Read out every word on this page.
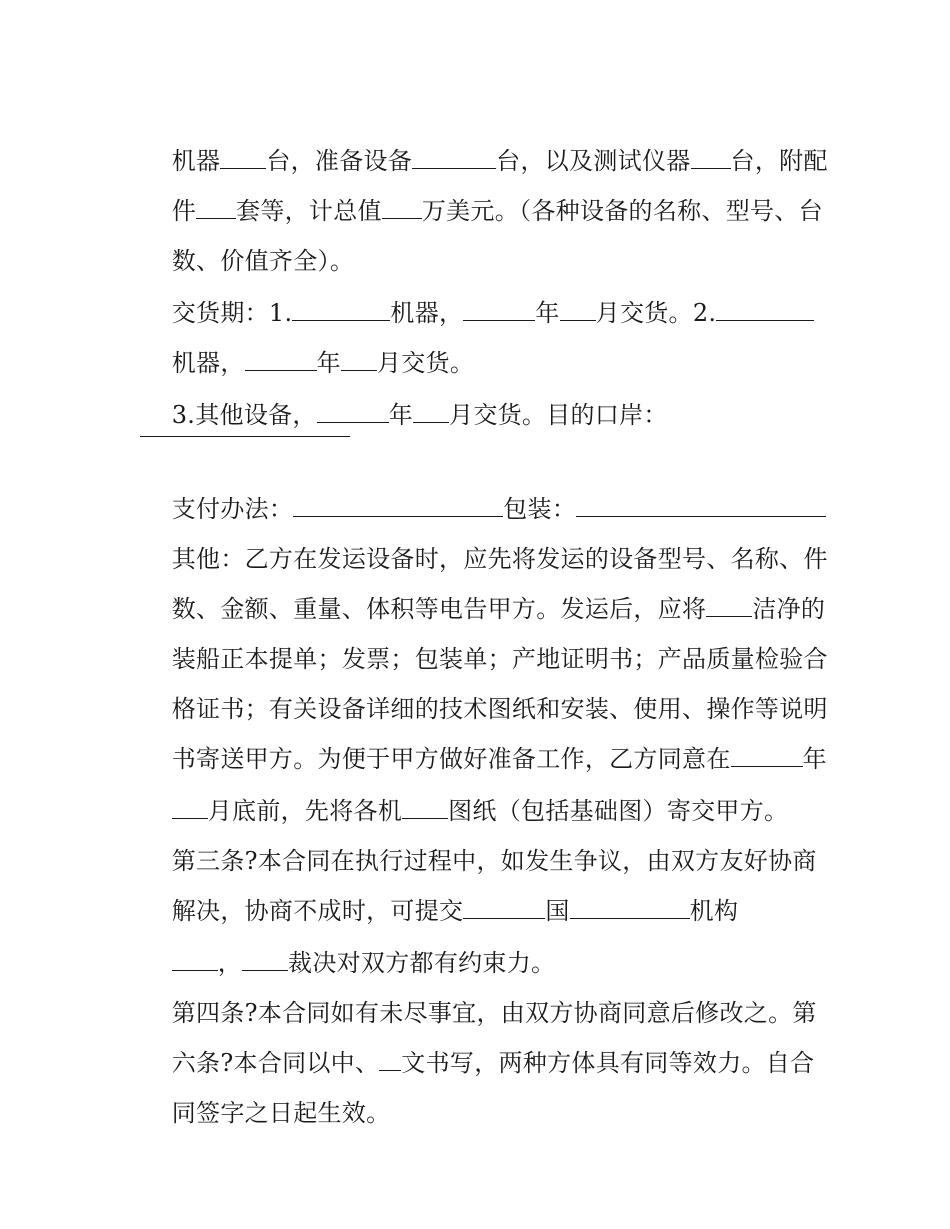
机器 台，准备设备	台，以及测试仪器 台，附配

件 套等，计总值 万美元。（各种设备的名称、型号、台

数、价值齐全）。

交货期：1.	机器，	年 月交货。2.

机器，	年 月交货。

3.其他设备，	年 月交货。目的口岸：

支付办法：	包装：

其他：乙方在发运设备时，应先将发运的设备型号、名称、件

数、金额、重量、体积等电告甲方。发运后，应将 洁净的

装船正本提单；发票；包装单；产地证明书；产品质量检验合

格证书；有关设备详细的技术图纸和安装、使用、操作等说明

书寄送甲方。为便于甲方做好准备工作，乙方同意在	年

月底前，先将各机 图纸（包括基础图）寄交甲方。

第三条?本合同在执行过程中，如发生争议，由双方友好协商

解决，协商不成时，可提交	国	机构

， 裁决对双方都有约束力。

第四条?本合同如有未尽事宜，由双方协商同意后修改之。第

六条?本合同以中、 文书写，两种方体具有同等效力。自合

同签字之日起生效。
